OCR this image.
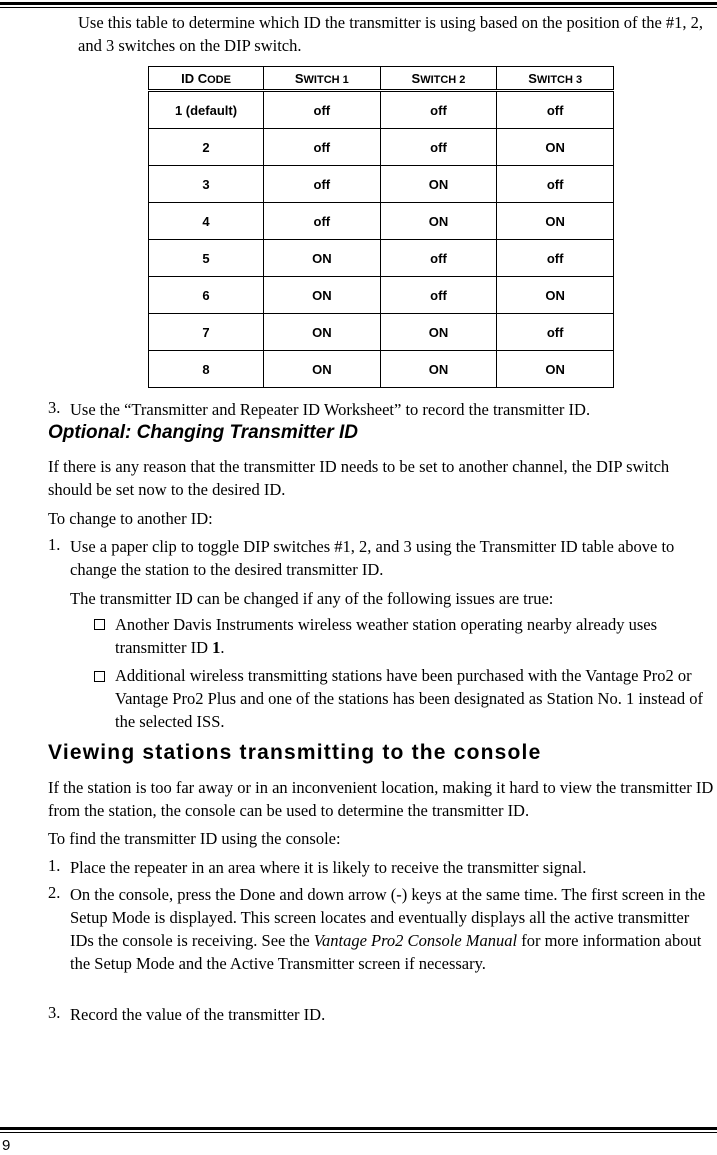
Use this table to determine which ID the transmitter is using based on the position of the #1, 2, and 3 switches on the DIP switch.
ID CODE	SWITCH 1	SWITCH 2	SWITCH 3
1 (default)	off	off	off
2	off	off	ON
3	off	ON	off
4	off	ON	ON
5	ON	off	off
6	ON	off	ON
7	ON	ON	off
8	ON	ON	ON
3. Use the “Transmitter and Repeater ID Worksheet” to record the transmitter ID.
Optional: Changing Transmitter ID
If there is any reason that the transmitter ID needs to be set to another channel, the DIP switch should be set now to the desired ID.
To change to another ID:
1. Use a paper clip to toggle DIP switches #1, 2, and 3 using the Transmitter ID table above to change the station to the desired transmitter ID.
The transmitter ID can be changed if any of the following issues are true:
Another Davis Instruments wireless weather station operating nearby already uses transmitter ID 1.
Additional wireless transmitting stations have been purchased with the Vantage Pro2 or Vantage Pro2 Plus and one of the stations has been designated as Station No. 1 instead of the selected ISS.
Viewing stations transmitting to the console
If the station is too far away or in an inconvenient location, making it hard to view the transmitter ID from the station, the console can be used to determine the transmitter ID.
To find the transmitter ID using the console:
1. Place the repeater in an area where it is likely to receive the transmitter signal.
2. On the console, press the Done and down arrow (-) keys at the same time. The first screen in the Setup Mode is displayed. This screen locates and eventually displays all the active transmitter IDs the console is receiving. See the Vantage Pro2 Console Manual for more information about the Setup Mode and the Active Transmitter screen if necessary.
3. Record the value of the transmitter ID.
9
